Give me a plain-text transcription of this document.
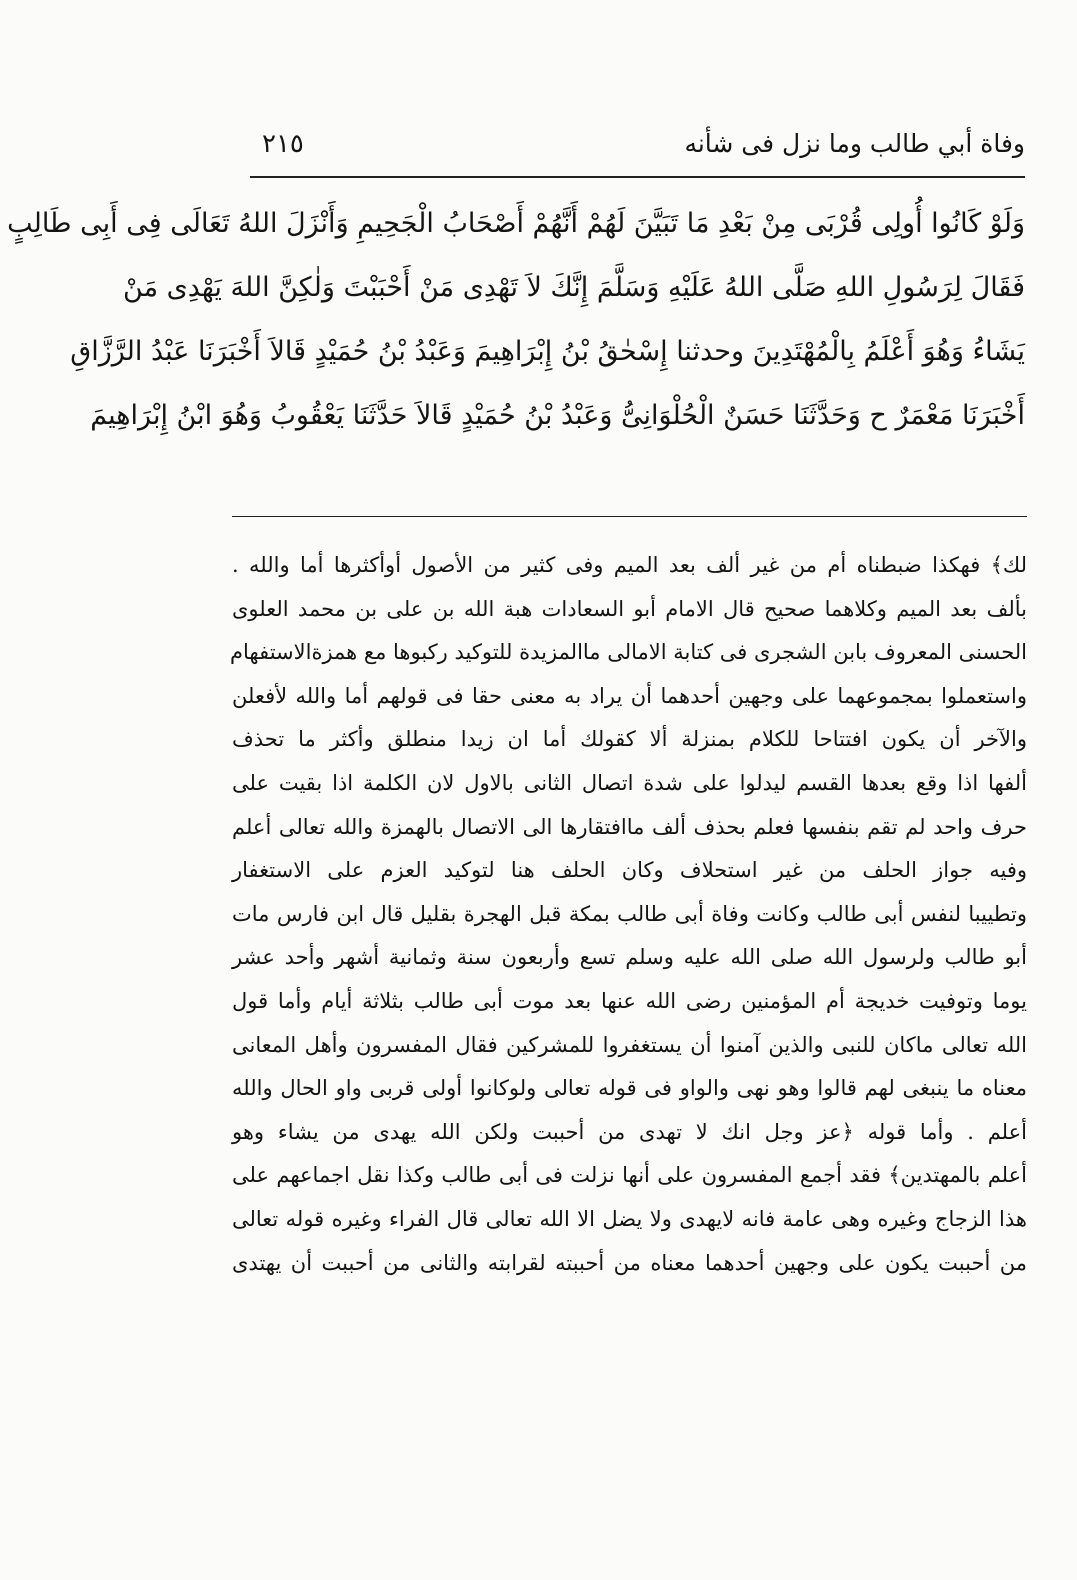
وفاة أبي طالب وما نزل فى شأنه
٢١٥
وَلَوْ كَانُوا أُولِى قُرْبَى مِنْ بَعْدِ مَا تَبَيَّنَ لَهُمْ أَنَّهُمْ أَصْحَابُ الْجَحِيمِ وَأَنْزَلَ اللهُ تَعَالَى فِى أَبِى طَالِبٍ
فَقَالَ لِرَسُولِ اللهِ صَلَّى اللهُ عَلَيْهِ وَسَلَّمَ إِنَّكَ لاَ تَهْدِى مَنْ أَحْبَبْتَ وَلٰكِنَّ اللهَ يَهْدِى مَنْ
يَشَاءُ وَهُوَ أَعْلَمُ بِالْمُهْتَدِينَ وحدثنا إِسْحٰقُ بْنُ إِبْرَاهِيمَ وَعَبْدُ بْنُ حُمَيْدٍ قَالاَ أَخْبَرَنَا عَبْدُ الرَّزَّاقِ
أَخْبَرَنَا مَعْمَرٌ ح وَحَدَّثَنَا حَسَنٌ الْحُلْوَانِىُّ وَعَبْدُ بْنُ حُمَيْدٍ قَالاَ حَدَّثَنَا يَعْقُوبُ وَهُوَ ابْنُ إِبْرَاهِيمَ
لك﴾ فهكذا ضبطناه أم من غير ألف بعد الميم وفى كثير من الأصول أوأكثرها أما والله .
بألف بعد الميم وكلاهما صحيح قال الامام أبو السعادات هبة الله بن على بن محمد العلوى
الحسنى المعروف بابن الشجرى فى كتابة الامالى ماالمزيدة للتوكيد ركبوها مع همزةالاستفهام
واستعملوا بمجموعهما على وجهين أحدهما أن يراد به معنى حقا فى قولهم أما والله لأفعلن
والآخر أن يكون افتتاحا للكلام بمنزلة ألا كقولك أما ان زيدا منطلق وأكثر ما تحذف
ألفها اذا وقع بعدها القسم ليدلوا على شدة اتصال الثانى بالاول لان الكلمة اذا بقيت على
حرف واحد لم تقم بنفسها فعلم بحذف ألف ماافتقارها الى الاتصال بالهمزة والله تعالى أعلم
وفيه جواز الحلف من غير استحلاف وكان الحلف هنا لتوكيد العزم على الاستغفار
وتطييبا لنفس أبى طالب وكانت وفاة أبى طالب بمكة قبل الهجرة بقليل قال ابن فارس مات
أبو طالب ولرسول الله صلى الله عليه وسلم تسع وأربعون سنة وثمانية أشهر وأحد عشر
يوما وتوفيت خديجة أم المؤمنين رضى الله عنها بعد موت أبى طالب بثلاثة أيام وأما قول
الله تعالى ماكان للنبى والذين آمنوا أن يستغفروا للمشركين فقال المفسرون وأهل المعانى
معناه ما ينبغى لهم قالوا وهو نهى والواو فى قوله تعالى ولوكانوا أولى قربى واو الحال والله
أعلم . وأما قوله ﴿عز وجل انك لا تهدى من أحببت ولكن الله يهدى من يشاء وهو
أعلم بالمهتدين﴾ فقد أجمع المفسرون على أنها نزلت فى أبى طالب وكذا نقل اجماعهم على
هذا الزجاج وغيره وهى عامة فانه لايهدى ولا يضل الا الله تعالى قال الفراء وغيره قوله تعالى
من أحببت يكون على وجهين أحدهما معناه من أحببته لقرابته والثانى من أحببت أن يهتدى
